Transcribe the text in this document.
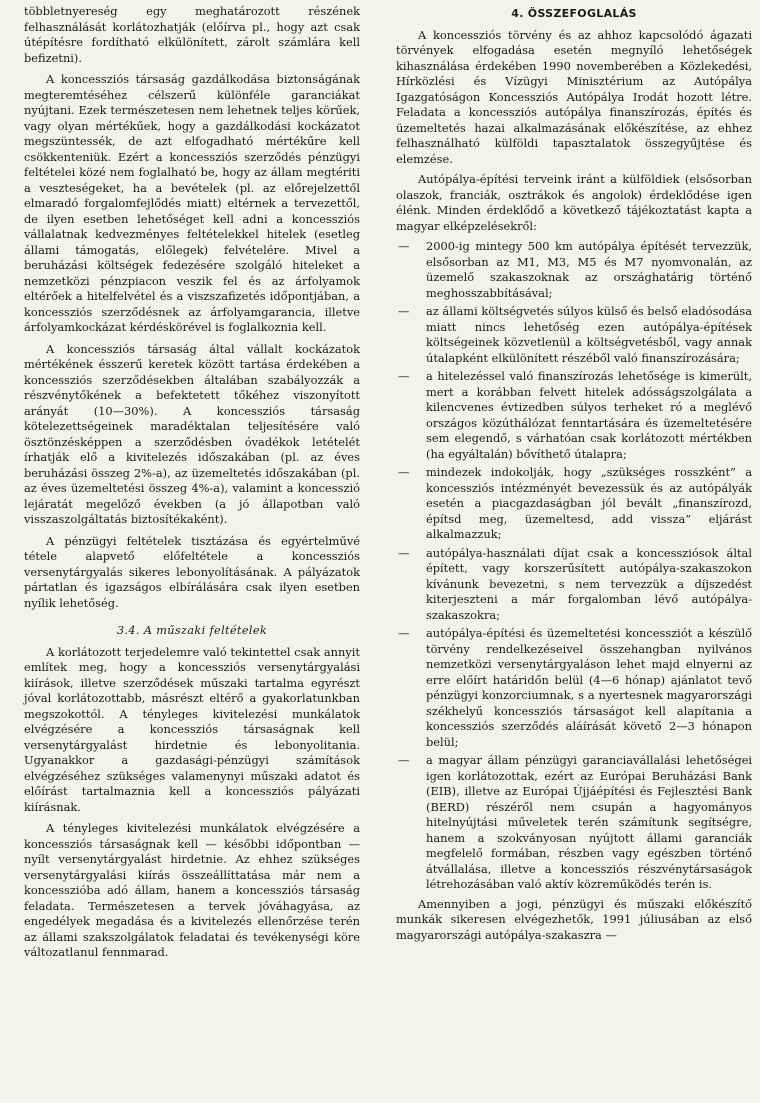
többletnyereség egy meghatározott részének felhasználását korlátozhatják (előírva pl., hogy azt csak útépítésre fordítható elkülönített, zárolt számlára kell befizetni).

A koncessziós társaság gazdálkodása biztonságának megteremtéséhez célszerű különféle garanciákat nyújtani. Ezek természetesen nem lehetnek teljes körűek, vagy olyan mértékűek, hogy a gazdálkodási kockázatot megszüntessék, de azt elfogadható mértékűre kell csökkenteniük. Ezért a koncessziós szerződés pénzügyi feltételei közé nem foglalható be, hogy az állam megtériti a veszteségeket, ha a bevételek (pl. az előrejelzettől elmaradó forgalomfejlődés miatt) eltérnek a tervezettől, de ilyen esetben lehetőséget kell adni a koncessziós vállalatnak kedvezményes feltételekkel hitelek (esetleg állami támogatás, előlegek) felvételére. Mivel a beruházási költségek fedezésére szolgáló hiteleket a nemzetközi pénzpiacon veszik fel és az árfolyamok eltérőek a hitelfelvétel és a viszszafizetés időpontjában, a koncessziós szerződésnek az árfolyamgarancia, illetve árfolyamkockázat kérdéskörével is foglalkoznia kell.

A koncessziós társaság által vállalt kockázatok mértékének ésszerű keretek között tartása érdekében a koncessziós szerződésekben általában szabályozzák a részvénytőkének a befektetett tőkéhez viszonyított arányát (10—30%). A koncessziós társaság kötelezettségeinek maradéktalan teljesítésére való ösztönzésképpen a szerződésben óvadékok letételét írhatják elő a kivitelezés időszakában (pl. az éves beruházási összeg 2%-a), az üzemeltetés időszakában (pl. az éves üzemeltetési összeg 4%-a), valamint a koncesszió lejáratát megelőző években (a jó állapotban való visszaszolgáltatás biztosítékaként).

A pénzügyi feltételek tisztázása és egyértelművé tétele alapvető előfeltétele a koncessziós versenytárgyalás sikeres lebonyolításának. A pályázatok pártatlan és igazságos elbírálására csak ilyen esetben nyílik lehetőség.

3.4. A műszaki feltételek

A korlátozott terjedelemre való tekintettel csak annyit említek meg, hogy a koncessziós versenytárgyalási kiírások, illetve szerződések műszaki tartalma egyrészt jóval korlátozottabb, másrészt eltérő a gyakorlatunkban megszokottól. A tényleges kivitelezési munkálatok elvégzésére a koncessziós társaságnak kell versenytárgyalást hirdetnie és lebonyolitania. Ugyanakkor a gazdasági-pénzügyi számítások elvégzéséhez szükséges valamenynyi műszaki adatot és előírást tartalmaznia kell a koncessziós pályázati kiírásnak.

A tényleges kivitelezési munkálatok elvégzésére a koncessziós társaságnak kell — későbbi időpontban — nyílt versenytárgyalást hirdetnie. Az ehhez szükséges versenytárgyalási kiírás összeállíttatása már nem a koncesszióba adó állam, hanem a koncessziós társaság feladata. Természetesen a tervek jóváhagyása, az engedélyek megadása és a kivitelezés ellenőrzése terén az állami szakszolgálatok feladatai és tevékenységi köre változatlanul fennmarad.

4. ÖSSZEFOGLALÁS

A koncessziós törvény és az ahhoz kapcsolódó ágazati törvények elfogadása esetén megnyíló lehetőségek kihasználása érdekében 1990 novemberében a Közlekedési, Hírközlési és Vízügyi Minisztérium az Autópálya Igazgatóságon Koncessziós Autópálya Irodát hozott létre. Feladata a koncessziós autópálya finanszírozás, építés és üzemeltetés hazai alkalmazásának előkészítése, az ehhez felhasználható külföldi tapasztalatok összegyűjtése és elemzése.

Autópálya-építési terveink iránt a külföldiek (elsősorban olaszok, franciák, osztrákok és angolok) érdeklődése igen élénk. Minden érdeklődő a következő tájékoztatást kapta a magyar elképzelésekről:

— 2000-ig mintegy 500 km autópálya építését tervezzük, elsősorban az M1, M3, M5 és M7 nyomvonalán, az üzemelő szakaszoknak az országhatárig történő meghosszabbításával;
— az állami költségvetés súlyos külső és belső eladósodása miatt nincs lehetőség ezen autópálya-építések költségeinek közvetlenül a költségvetésből, vagy annak útalapként elkülönített részéből való finanszírozására;
— a hitelezéssel való finanszírozás lehetősége is kimerült, mert a korábban felvett hitelek adósságszolgálata a kilencvenes évtizedben súlyos terheket ró a meglévő országos közúthálózat fenntartására és üzemeltetésére sem elegendő, s várhatóan csak korlátozott mértékben (ha egyáltalán) bővíthető útalapra;
— mindezek indokolják, hogy „szükséges rosszként” a koncessziós intézményét bevezessük és az autópályák esetén a piacgazdaságban jól bevált „finanszírozd, építsd meg, üzemeltesd, add vissza” eljárást alkalmazzuk;
— autópálya-használati díjat csak a koncessziósok által épített, vagy korszerűsített autópálya-szakaszokon kívánunk bevezetni, s nem tervezzük a díjszedést kiterjeszteni a már forgalomban lévő autópálya-szakaszokra;
— autópálya-építési és üzemeltetési koncessziót a készülő törvény rendelkezéseivel összehangban nyilvános nemzetközi versenytárgyaláson lehet majd elnyerni az erre előírt határidőn belül (4—6 hónap) ajánlatot tevő pénzügyi konzorciumnak, s a nyertesnek magyarországi székhelyű koncessziós társaságot kell alapítania a koncessziós szerződés aláírását követő 2—3 hónapon belül;
— a magyar állam pénzügyi garanciavállalási lehetőségei igen korlátozottak, ezért az Európai Beruházási Bank (EIB), illetve az Európai Újjáépítési és Fejlesztési Bank (BERD) részéről nem csupán a hagyományos hitelnyújtási műveletek terén számítunk segítségre, hanem a szokványosan nyújtott állami garanciák megfelelő formában, részben vagy egészben történő átvállalása, illetve a koncessziós részvénytársaságok létrehozásában való aktív közreműködés terén is.

Amennyiben a jogi, pénzügyi és műszaki előkészítő munkák sikeresen elvégezhetők, 1991 júliusában az első magyarországi autópálya-szakaszra —
